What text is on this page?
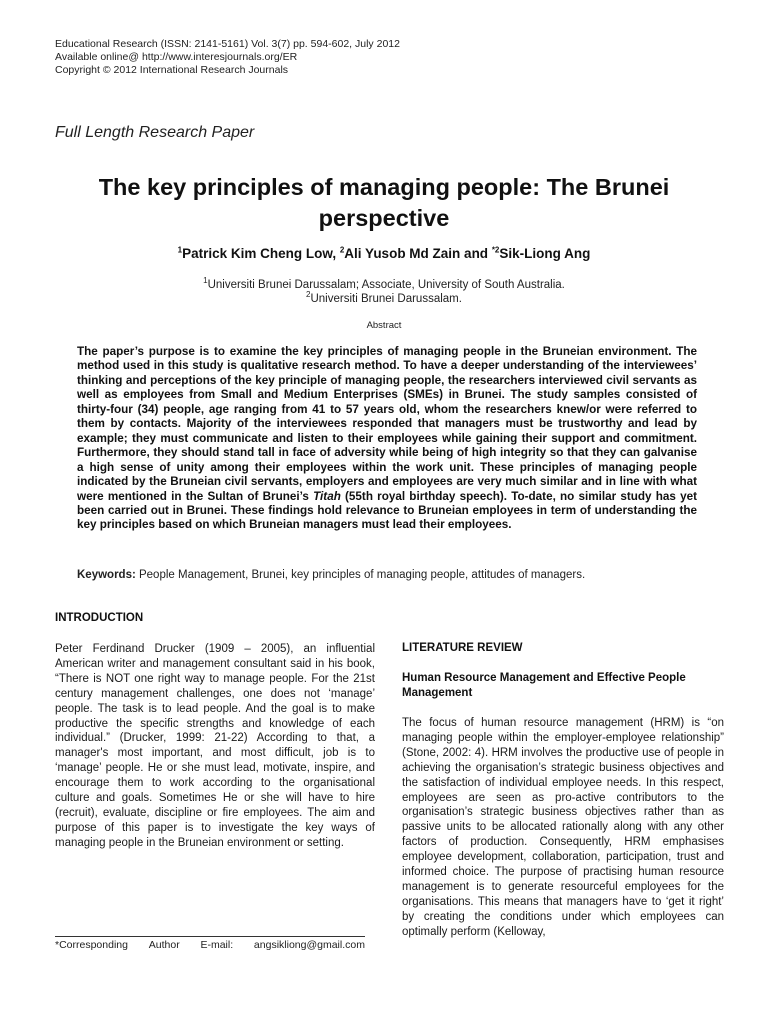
Educational Research (ISSN: 2141-5161) Vol. 3(7) pp. 594-602, July 2012
Available online@ http://www.interesjournals.org/ER
Copyright © 2012 International Research Journals
Full Length Research Paper
The key principles of managing people: The Brunei perspective
$^1$Patrick Kim Cheng Low, $^2$Ali Yusob Md Zain and $^{*2}$Sik-Liong Ang
$^1$Universiti Brunei Darussalam; Associate, University of South Australia.
$^2$Universiti Brunei Darussalam.
Abstract
The paper’s purpose is to examine the key principles of managing people in the Bruneian environment. The method used in this study is qualitative research method. To have a deeper understanding of the interviewees’ thinking and perceptions of the key principle of managing people, the researchers interviewed civil servants as well as employees from Small and Medium Enterprises (SMEs) in Brunei. The study samples consisted of thirty-four (34) people, age ranging from 41 to 57 years old, whom the researchers knew/or were referred to them by contacts. Majority of the interviewees responded that managers must be trustworthy and lead by example; they must communicate and listen to their employees while gaining their support and commitment. Furthermore, they should stand tall in face of adversity while being of high integrity so that they can galvanise a high sense of unity among their employees within the work unit. These principles of managing people indicated by the Bruneian civil servants, employers and employees are very much similar and in line with what were mentioned in the Sultan of Brunei’s Titah (55th royal birthday speech). To-date, no similar study has yet been carried out in Brunei. These findings hold relevance to Bruneian employees in term of understanding the key principles based on which Bruneian managers must lead their employees.
Keywords: People Management, Brunei, key principles of managing people, attitudes of managers.
INTRODUCTION
Peter Ferdinand Drucker (1909 – 2005), an influential American writer and management consultant said in his book, “There is NOT one right way to manage people. For the 21st century management challenges, one does not ‘manage’ people. The task is to lead people. And the goal is to make productive the specific strengths and knowledge of each individual.” (Drucker, 1999: 21-22) According to that, a manager's most important, and most difficult, job is to ‘manage’ people. He or she must lead, motivate, inspire, and encourage them to work according to the organisational culture and goals. Sometimes He or she will have to hire (recruit), evaluate, discipline or fire employees. The aim and purpose of this paper is to investigate the key ways of managing people in the Bruneian environment or setting.
LITERATURE REVIEW
Human Resource Management and Effective People Management
The focus of human resource management (HRM) is “on managing people within the employer-employee relationship” (Stone, 2002: 4). HRM involves the productive use of people in achieving the organisation’s strategic business objectives and the satisfaction of individual employee needs. In this respect, employees are seen as pro-active contributors to the organisation’s strategic business objectives rather than as passive units to be allocated rationally along with any other factors of production. Consequently, HRM emphasises employee development, collaboration, participation, trust and informed choice. The purpose of practising human resource management is to generate resourceful employees for the organisations. This means that managers have to ‘get it right’ by creating the conditions under which employees can optimally perform (Kelloway,
*Corresponding Author E-mail: angsikliong@gmail.com
